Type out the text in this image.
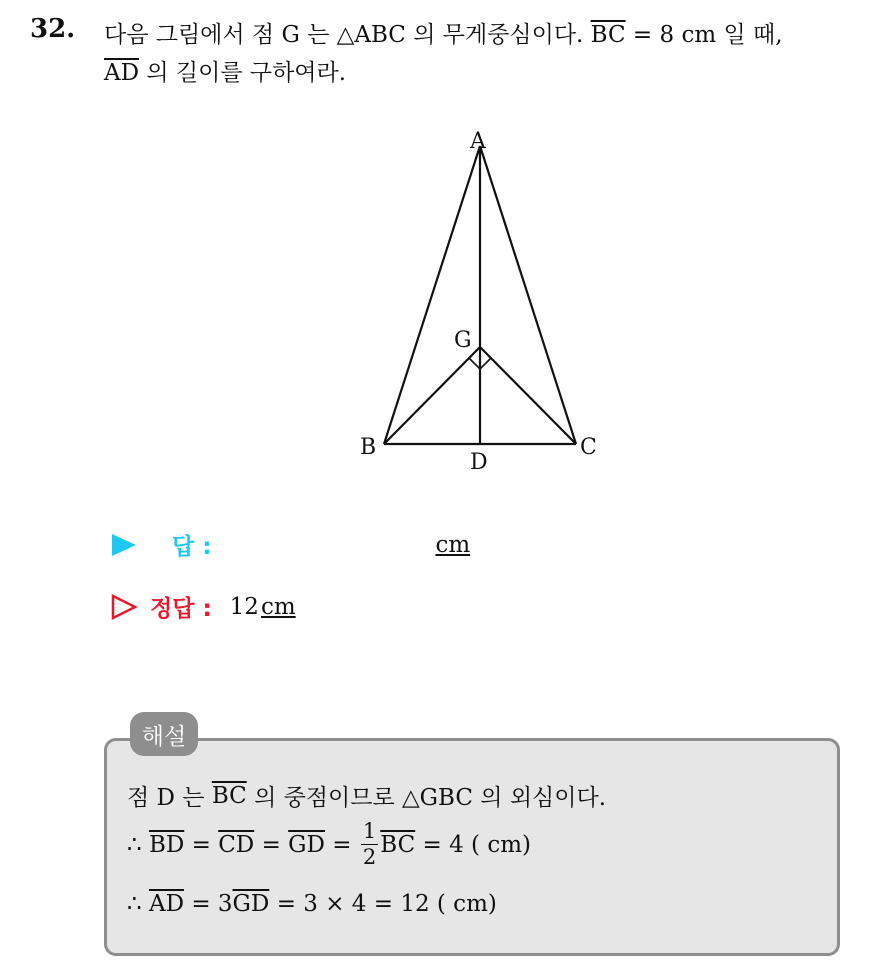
32. 다음 그림에서 점 G 는 △ABC 의 무게중심이다. $\overline{BC} = 8$ cm 일 때,
$\overline{AD}$ 의 길이를 구하여라.
A
G
B	C
D
답 :	cm
정답 : 12 cm
해설
점 D 는
$\overline{BC}$
의 중점이므로 △GBC 의 외심이다.
∴
$\overline{BD}$
=
$\overline{CD}$
=
$\overline{GD}$
=
$\frac{1}{2} \overline{BC}$
= 4 ( cm)
∴
$\overline{AD}$
= 3 $\overline{GD}$
= 3 × 4 = 12 ( cm)
